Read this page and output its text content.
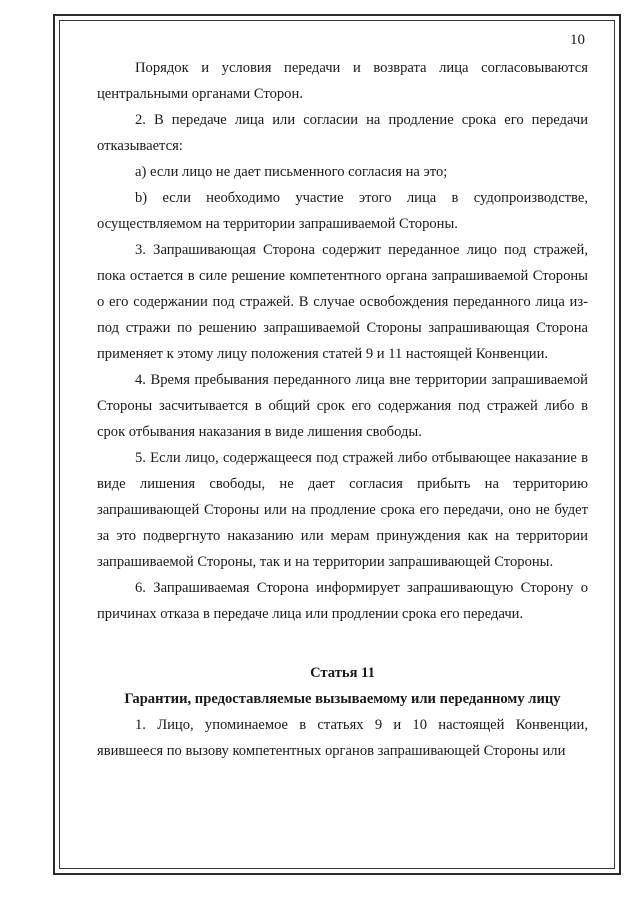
10

Порядок и условия передачи и возврата лица согласовываются центральными органами Сторон.

2. В передаче лица или согласии на продление срока его передачи отказывается:

а) если лицо не дает письменного согласия на это;

b) если необходимо участие этого лица в судопроизводстве, осуществляемом на территории запрашиваемой Стороны.

3. Запрашивающая Сторона содержит переданное лицо под стражей, пока остается в силе решение компетентного органа запрашиваемой Стороны о его содержании под стражей. В случае освобождения переданного лица из-под стражи по решению запрашиваемой Стороны запрашивающая Сторона применяет к этому лицу положения статей 9 и 11 настоящей Конвенции.

4. Время пребывания переданного лица вне территории запрашиваемой Стороны засчитывается в общий срок его содержания под стражей либо в срок отбывания наказания в виде лишения свободы.

5. Если лицо, содержащееся под стражей либо отбывающее наказание в виде лишения свободы, не дает согласия прибыть на территорию запрашивающей Стороны или на продление срока его передачи, оно не будет за это подвергнуто наказанию или мерам принуждения как на территории запрашиваемой Стороны, так и на территории запрашивающей Стороны.

6. Запрашиваемая Сторона информирует запрашивающую Сторону о причинах отказа в передаче лица или продлении срока его передачи.

Статья 11

Гарантии, предоставляемые вызываемому или переданному лицу

1. Лицо, упоминаемое в статьях 9 и 10 настоящей Конвенции, явившееся по вызову компетентных органов запрашивающей Стороны или
